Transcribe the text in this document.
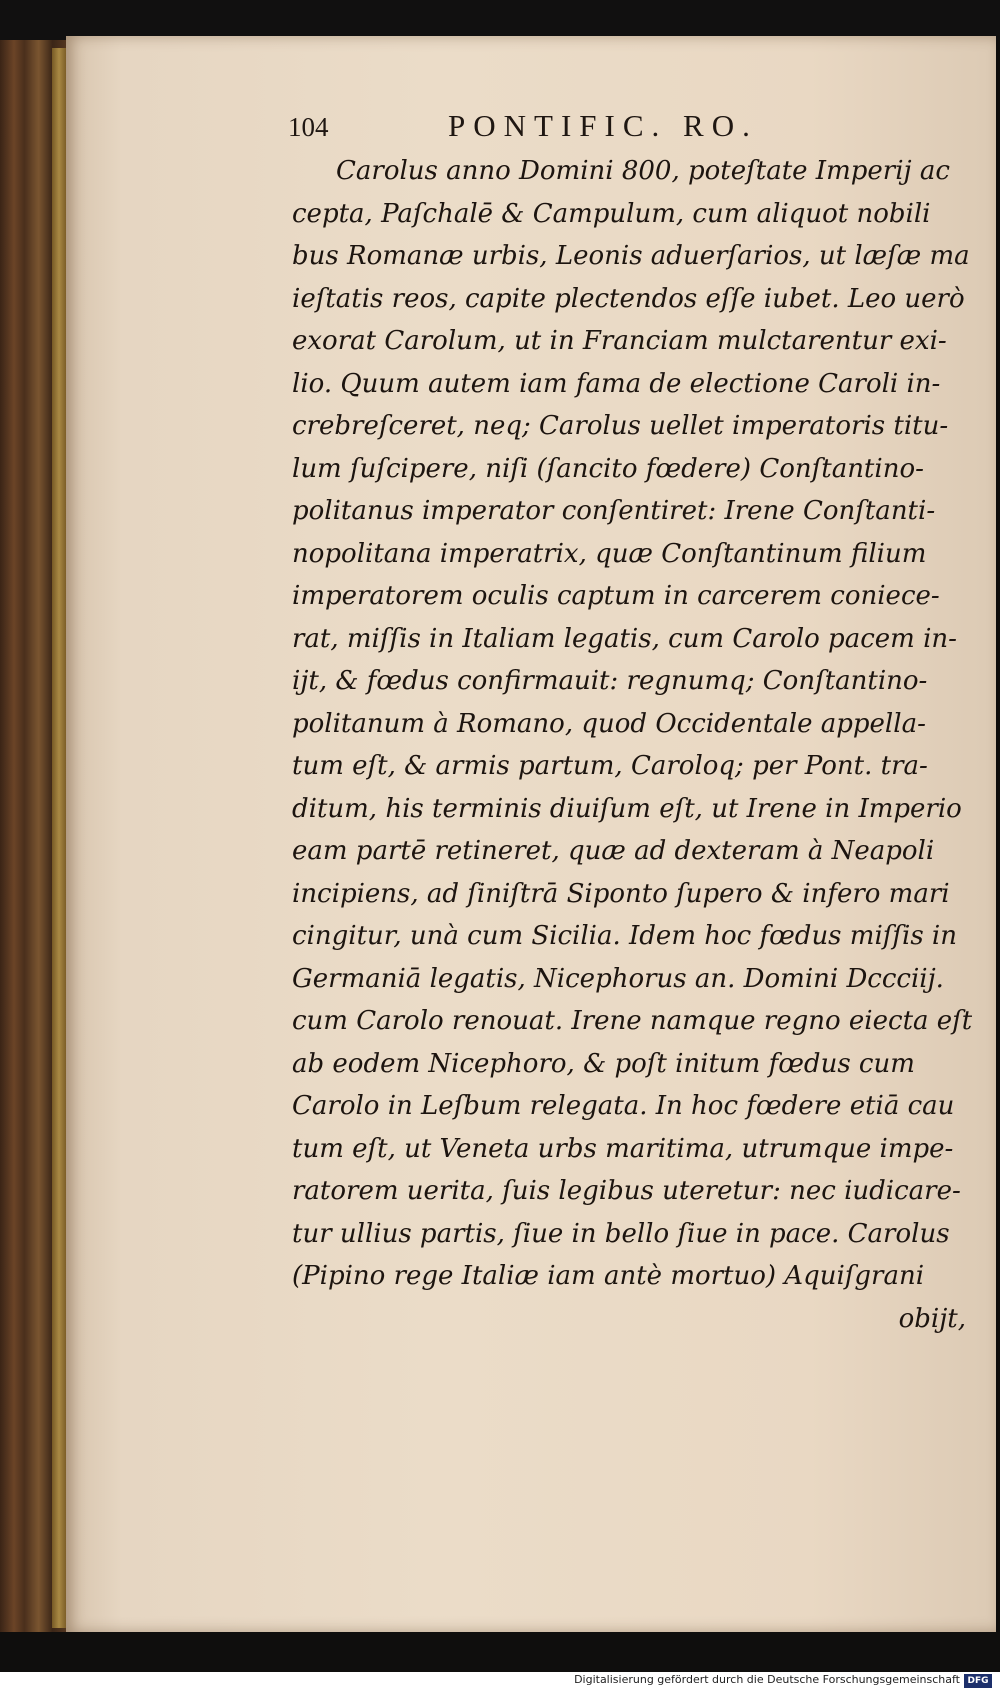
104	PONTIFIC. RO.
Carolus anno Domini 800, poteſtate Imperij ac
cepta, Paſchalē & Campulum, cum aliquot nobili
bus Romanæ urbis, Leonis aduerſarios, ut læſæ ma
ieſtatis reos, capite plectendos eſſe iubet. Leo uerò
exorat Carolum, ut in Franciam mulctarentur exi-
lio. Quum autem iam fama de electione Caroli in-
crebreſceret, neq; Carolus uellet imperatoris titu-
lum ſuſcipere, niſi (ſancito fœdere) Conſtantino-
politanus imperator conſentiret: Irene Conſtanti-
nopolitana imperatrix, quæ Conſtantinum filium
imperatorem oculis captum in carcerem coniece-
rat, miſſis in Italiam legatis, cum Carolo pacem in-
ijt, & fœdus confirmauit: regnumq; Conſtantino-
politanum à Romano, quod Occidentale appella-
tum eſt, & armis partum, Caroloq; per Pont. tra-
ditum, his terminis diuiſum eſt, ut Irene in Imperio
eam partē retineret, quæ ad dexteram à Neapoli
incipiens, ad ſiniſtrā Siponto ſupero & infero mari
cingitur, unà cum Sicilia. Idem hoc fœdus miſſis in
Germaniā legatis, Nicephorus an. Domini Dccciij.
cum Carolo renouat. Irene namque regno eiecta eſt
ab eodem Nicephoro, & poſt initum fœdus cum
Carolo in Leſbum relegata. In hoc fœdere etiā cau
tum eſt, ut Veneta urbs maritima, utrumque impe-
ratorem uerita, ſuis legibus uteretur: nec iudicare-
tur ullius partis, ſiue in bello ſiue in pace. Carolus
(Pipino rege Italiæ iam antè mortuo) Aquiſgrani
obijt,
Digitalisierung gefördert durch die Deutsche Forschungsgemeinschaft DFG
